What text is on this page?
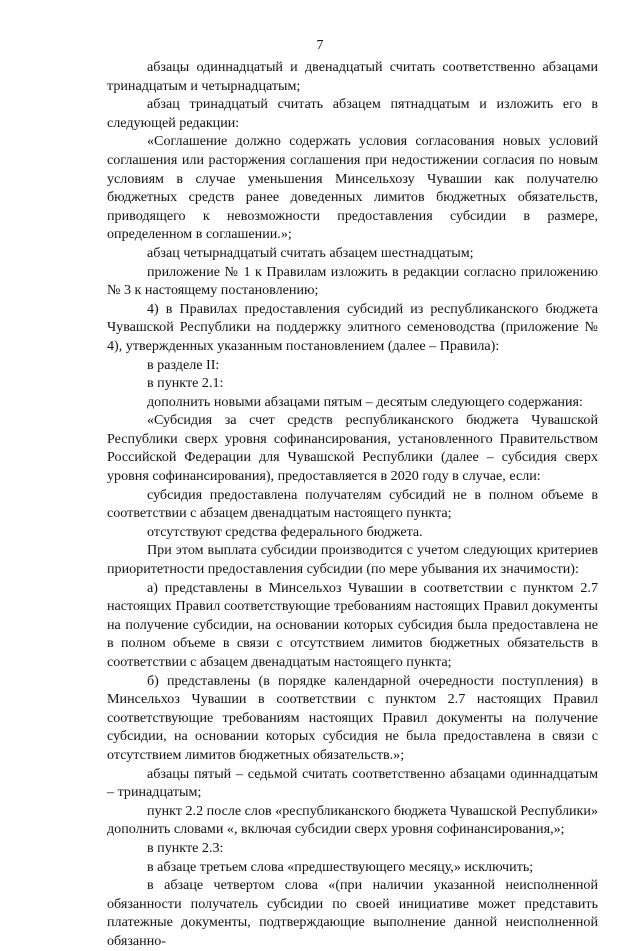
7

абзацы одиннадцатый и двенадцатый считать соответственно абзацами тринадцатым и четырнадцатым;

абзац тринадцатый считать абзацем пятнадцатым и изложить его в следующей редакции:

«Соглашение должно содержать условия согласования новых условий соглашения или расторжения соглашения при недостижении согласия по новым условиям в случае уменьшения Минсельхозу Чувашии как получателю бюджетных средств ранее доведенных лимитов бюджетных обязательств, приводящего к невозможности предоставления субсидии в размере, определенном в соглашении.»;

абзац четырнадцатый считать абзацем шестнадцатым;

приложение № 1 к Правилам изложить в редакции согласно приложению № 3 к настоящему постановлению;

4) в Правилах предоставления субсидий из республиканского бюджета Чувашской Республики на поддержку элитного семеноводства (приложение № 4), утвержденных указанным постановлением (далее – Правила):

в разделе II:

в пункте 2.1:

дополнить новыми абзацами пятым – десятым следующего содержания:

«Субсидия за счет средств республиканского бюджета Чувашской Республики сверх уровня софинансирования, установленного Правительством Российской Федерации для Чувашской Республики (далее – субсидия сверх уровня софинансирования), предоставляется в 2020 году в случае, если:

субсидия предоставлена получателям субсидий не в полном объеме в соответствии с абзацем двенадцатым настоящего пункта;

отсутствуют средства федерального бюджета.

При этом выплата субсидии производится с учетом следующих критериев приоритетности предоставления субсидии (по мере убывания их значимости):

а) представлены в Минсельхоз Чувашии в соответствии с пунктом 2.7 настоящих Правил соответствующие требованиям настоящих Правил документы на получение субсидии, на основании которых субсидия была предоставлена не в полном объеме в связи с отсутствием лимитов бюджетных обязательств в соответствии с абзацем двенадцатым настоящего пункта;

б) представлены (в порядке календарной очередности поступления) в Минсельхоз Чувашии в соответствии с пунктом 2.7 настоящих Правил соответствующие требованиям настоящих Правил документы на получение субсидии, на основании которых субсидия не была предоставлена в связи с отсутствием лимитов бюджетных обязательств.»;

абзацы пятый – седьмой считать соответственно абзацами одиннадцатым – тринадцатым;

пункт 2.2 после слов «республиканского бюджета Чувашской Республики» дополнить словами «, включая субсидии сверх уровня софинансирования,»;

в пункте 2.3:

в абзаце третьем слова «предшествующего месяцу,» исключить;

в абзаце четвертом слова «(при наличии указанной неисполненной обязанности получатель субсидии по своей инициативе может представить платежные документы, подтверждающие выполнение данной неисполненной обязанно-
